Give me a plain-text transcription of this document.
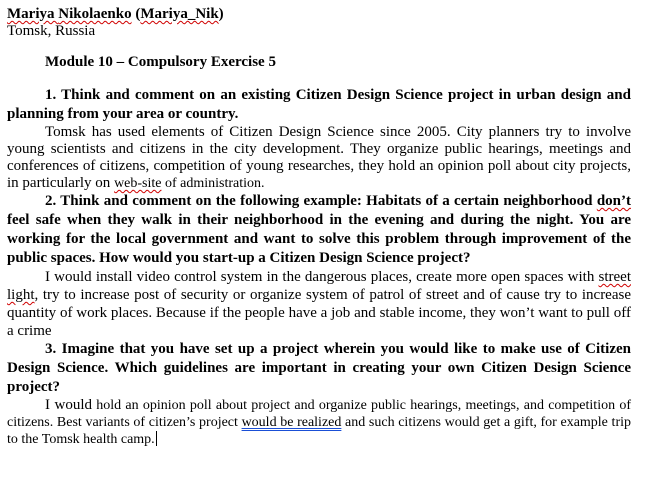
Mariya Nikolaenko (Mariya_Nik)
Tomsk, Russia
Module 10 – Compulsory Exercise 5
1. Think and comment on an existing Citizen Design Science project in urban design and planning from your area or country.
Tomsk has used elements of Citizen Design Science since 2005. City planners try to involve young scientists and citizens in the city development. They organize public hearings, meetings and conferences of citizens, competition of young researches, they hold an opinion poll about city projects, in particularly on web-site of administration.
2. Think and comment on the following example: Habitats of a certain neighborhood don’t feel safe when they walk in their neighborhood in the evening and during the night. You are working for the local government and want to solve this problem through improvement of the public spaces. How would you start-up a Citizen Design Science project?
I would install video control system in the dangerous places, create more open spaces with street light, try to increase post of security or organize system of patrol of street and of cause try to increase quantity of work places. Because if the people have a job and stable income, they won’t want to pull off a crime
3. Imagine that you have set up a project wherein you would like to make use of Citizen Design Science. Which guidelines are important in creating your own Citizen Design Science project?
I would hold an opinion poll about project and organize public hearings, meetings, and competition of citizens. Best variants of citizen’s project would be realized and such citizens would get a gift, for example trip to the Tomsk health camp.
